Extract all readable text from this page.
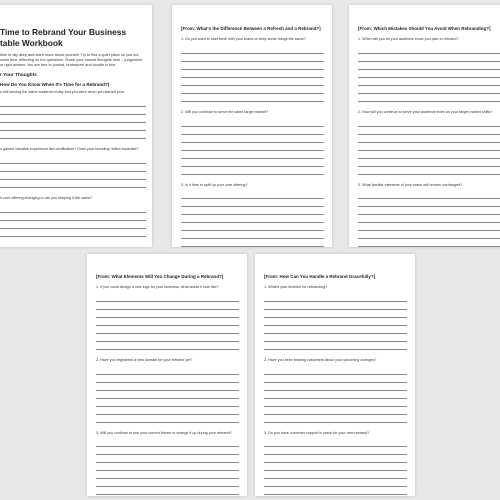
Time to Rebrand Your Business
table Workbook
time to dig deep and learn more about yourself. Try to find a quiet place so you out some time reflecting on the questions. Share your honest thoughts here – judgement or right answer. You are free to journal, brainstorm and doodle in tice.
r Your Thoughts
How Do You Know When It's Time for a Rebrand?)
u still serving the same audience today that you were when you started your
u gained valuable experience like certification? Does your branding reflect expertise?
ir core offering changing or are you keeping it the same?
[From: What's the Difference Between a Refresh and a Rebrand?]
1. Do you want to start fresh with your brand or keep some things the same?
2. Will you continue to serve the same target market?
3. Is it time to spiff up your core offering?
[From: Which Mistakes Should You Avoid When Rebranding?]
1. When will you let your audience know you plan to rebrand?
2. How will you continue to serve your audience even as your target market shifts?
3. What familiar elements of your brand will remain unchanged?
[From: What Elements Will You Change During a Rebrand?]
1. If you could design a new logo for your business, what would it look like?
2. Have you registered a new domain for your rebrand yet?
3. Will you continue to use your current theme or change it up during your rebrand?
[From: How Can You Handle a Rebrand Gracefully?]
1. What's your timeline for rebranding?
2. Have you been teasing customers about your upcoming changes?
3. Do you have customer support in place for your new rebrand?
